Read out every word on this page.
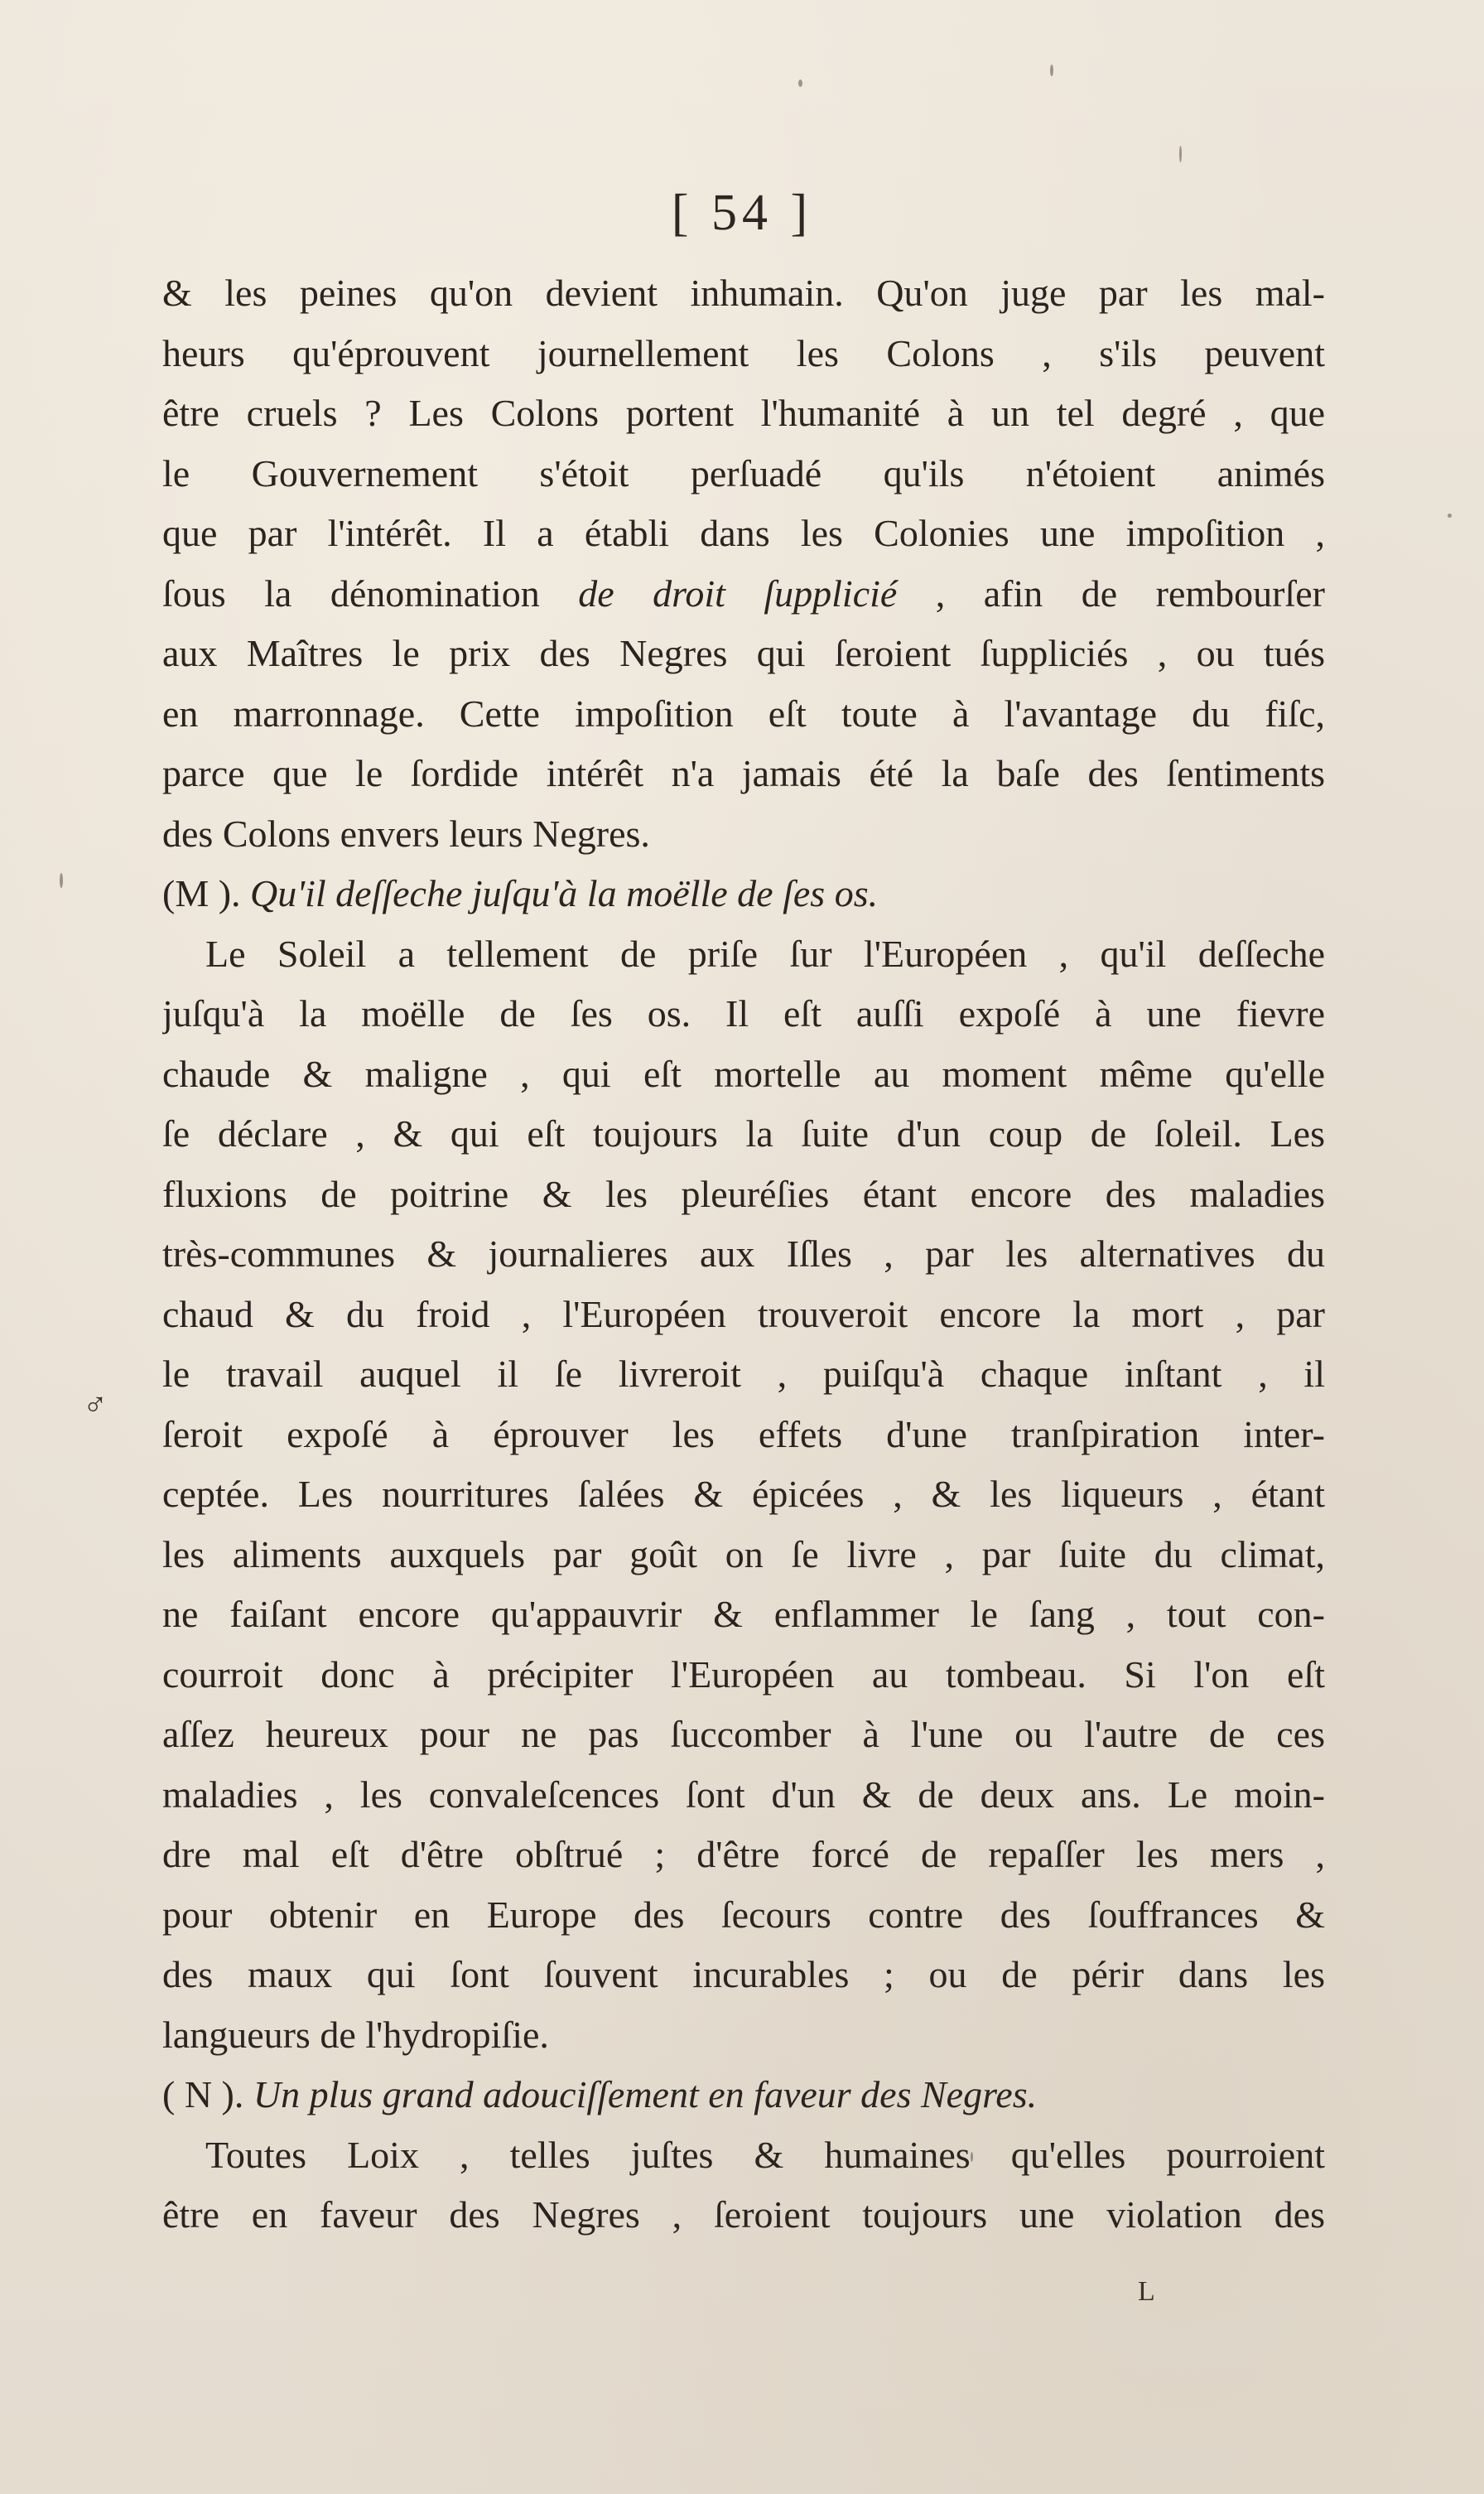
[ 54 ]

& les peines qu'on devient inhumain. Qu'on juge par les mal-
heurs qu'éprouvent journellement les Colons , s'ils peuvent
être cruels ? Les Colons portent l'humanité à un tel degré , que
le Gouvernement s'étoit perſuadé qu'ils n'étoient animés
que par l'intérêt. Il a établi dans les Colonies une impoſition ,
ſous la dénomination de droit ſupplicié , afin de rembourſer
aux Maîtres le prix des Negres qui ſeroient ſuppliciés , ou tués
en marronnage. Cette impoſition eſt toute à l'avantage du fiſc,
parce que le ſordide intérêt n'a jamais été la baſe des ſentiments
des Colons envers leurs Negres.
(M ). Qu'il deſſeche juſqu'à la moëlle de ſes os.
Le Soleil a tellement de priſe ſur l'Européen , qu'il deſſeche
juſqu'à la moëlle de ſes os. Il eſt auſſi expoſé à une fievre
chaude & maligne , qui eſt mortelle au moment même qu'elle
ſe déclare , & qui eſt toujours la ſuite d'un coup de ſoleil. Les
fluxions de poitrine & les pleuréſies étant encore des maladies
très-communes & journalieres aux Iſles , par les alternatives du
chaud & du froid , l'Européen trouveroit encore la mort , par
le travail auquel il ſe livreroit , puiſqu'à chaque inſtant , il
ſeroit expoſé à éprouver les effets d'une tranſpiration inter-
ceptée. Les nourritures ſalées & épicées , & les liqueurs , étant
les aliments auxquels par goût on ſe livre , par ſuite du climat,
ne faiſant encore qu'appauvrir & enflammer le ſang , tout con-
courroit donc à précipiter l'Européen au tombeau. Si l'on eſt
aſſez heureux pour ne pas ſuccomber à l'une ou l'autre de ces
maladies , les convaleſcences ſont d'un & de deux ans. Le moin-
dre mal eſt d'être obſtrué ; d'être forcé de repaſſer les mers ,
pour obtenir en Europe des ſecours contre des ſouffrances &
des maux qui ſont ſouvent incurables ; ou de périr dans les
langueurs de l'hydropiſie.
( N ). Un plus grand adouciſſement en faveur des Negres.
Toutes Loix , telles juſtes & humaines qu'elles pourroient
être en faveur des Negres , ſeroient toujours une violation des

♂

L
